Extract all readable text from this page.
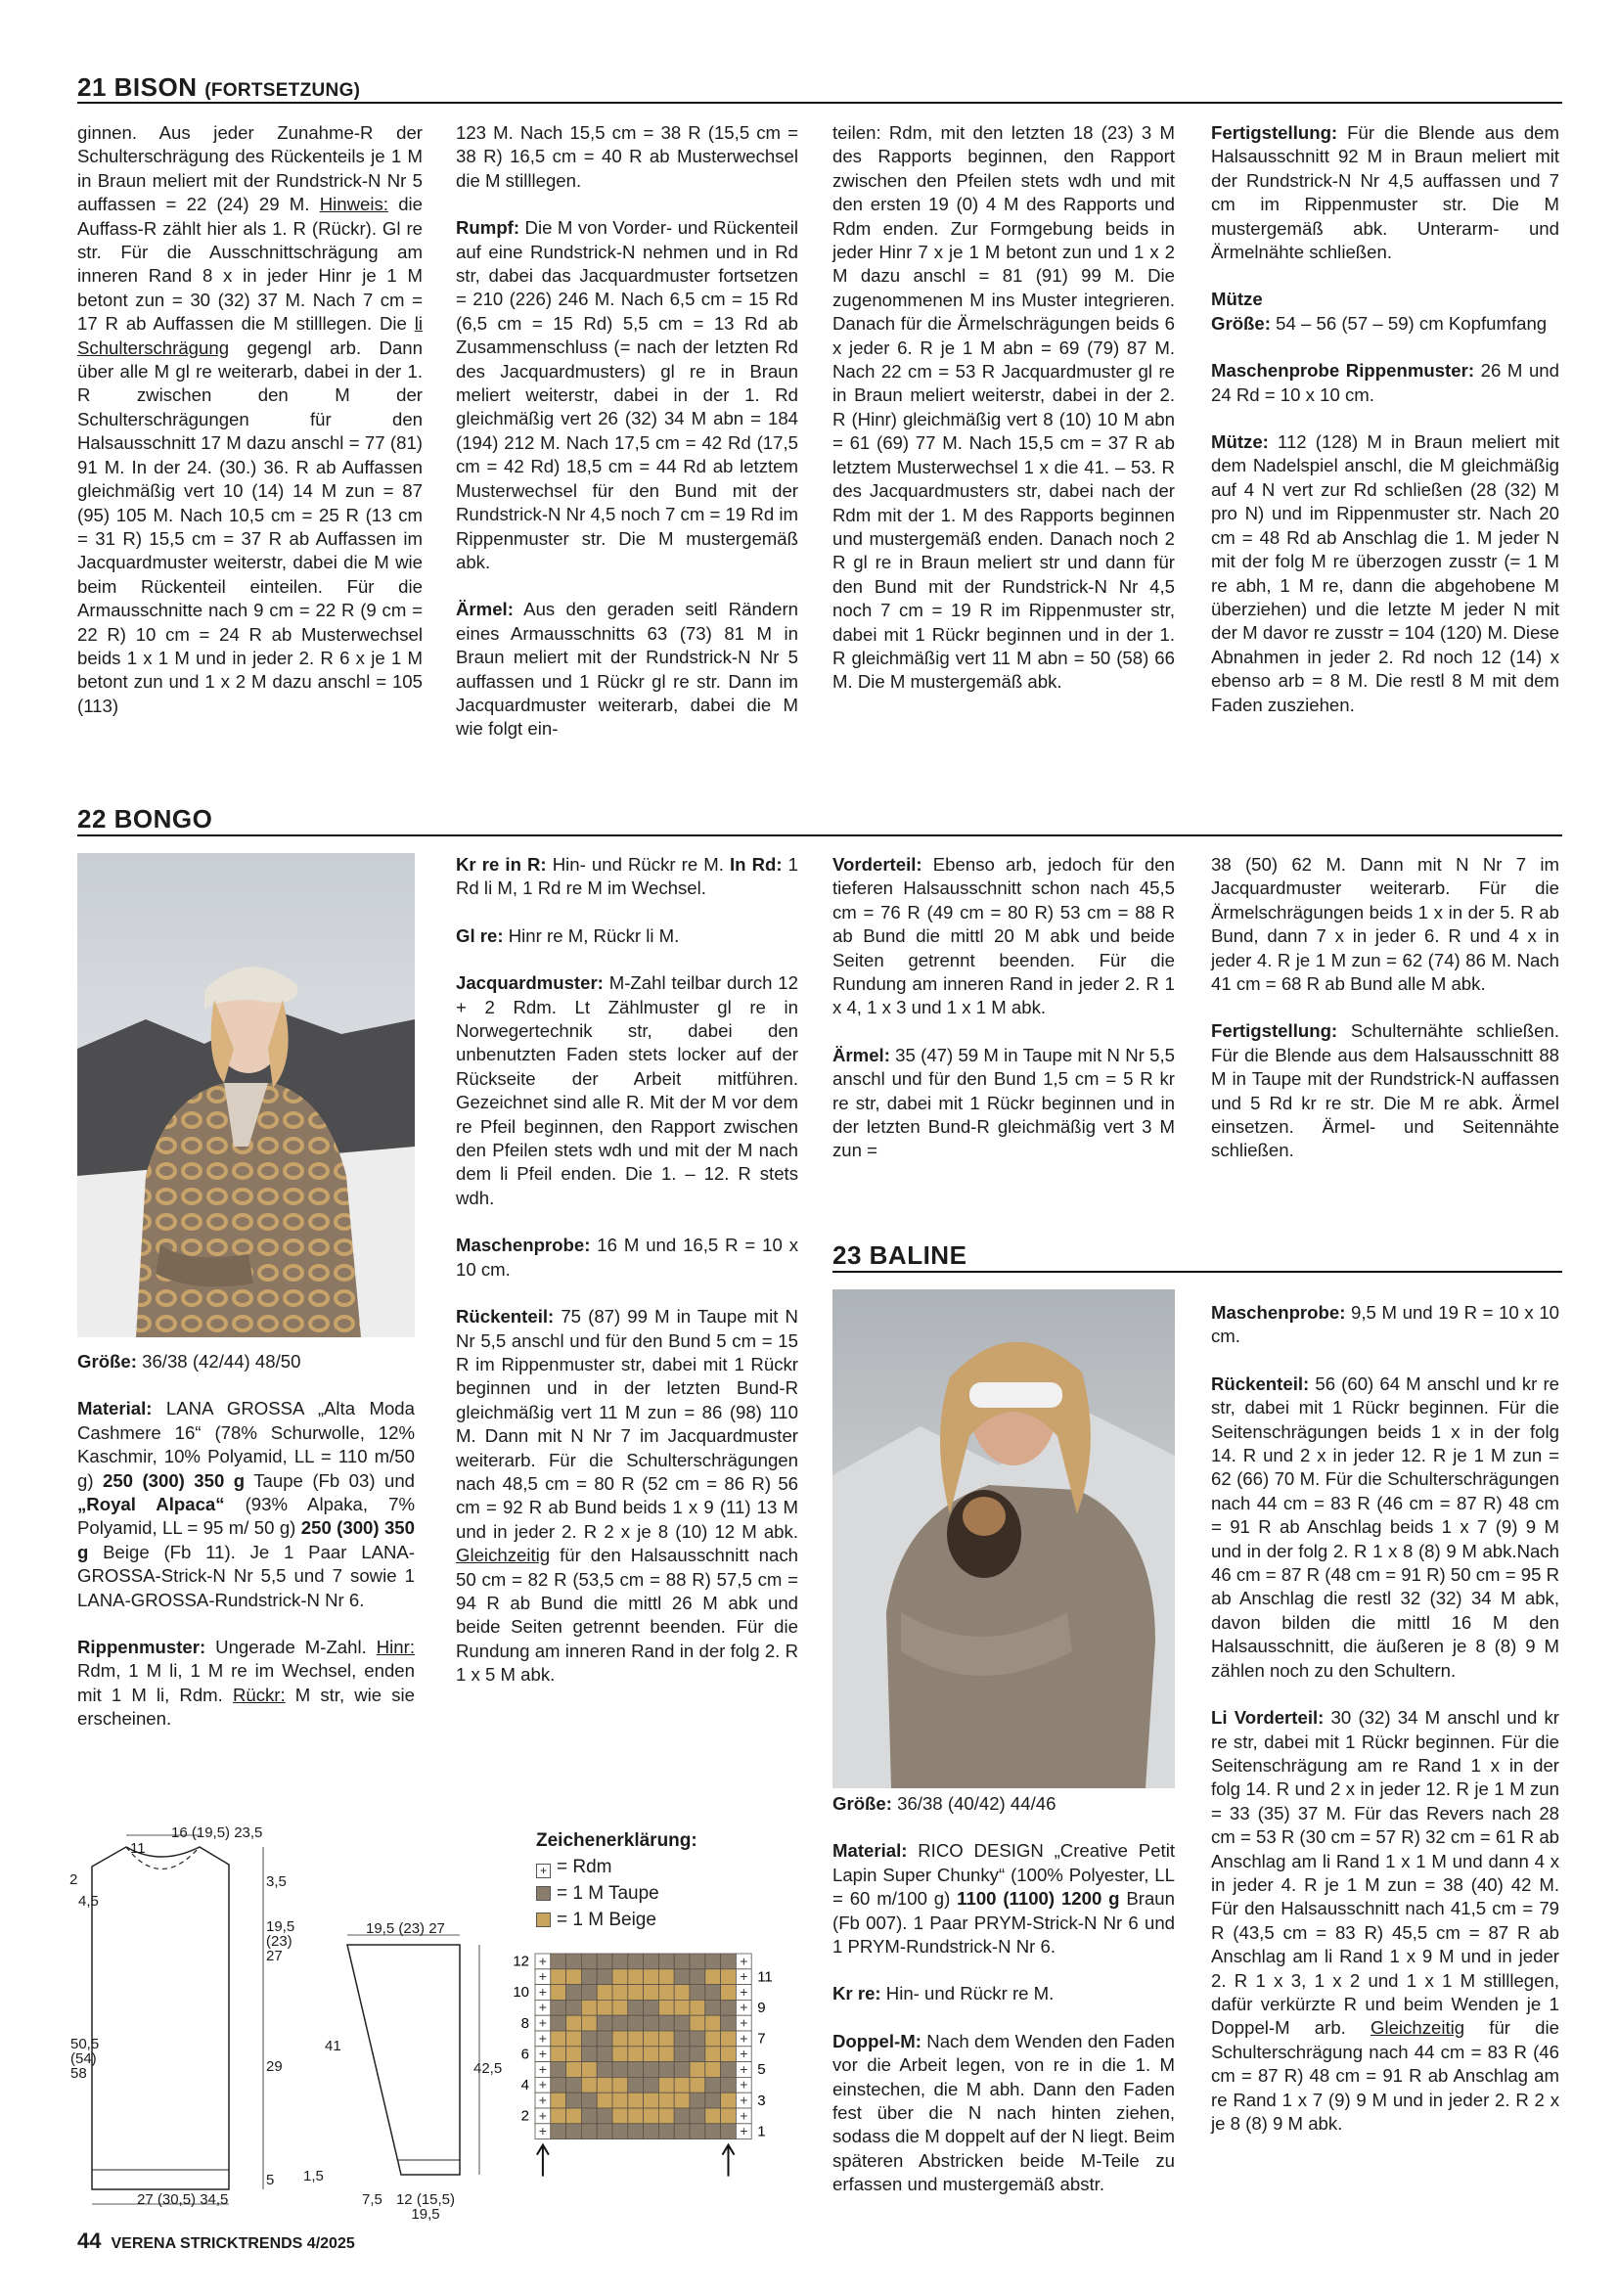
21 BISON (FORTSETZUNG)

ginnen. Aus jeder Zunahme-R der Schulterschrägung des Rückenteils je 1 M in Braun meliert mit der Rundstrick-N Nr 5 auffassen = 22 (24) 29 M. Hinweis: die Auffass-R zählt hier als 1. R (Rückr). Gl re str. Für die Ausschnittschrägung am inneren Rand 8 x in jeder Hinr je 1 M betont zun = 30 (32) 37 M. Nach 7 cm = 17 R ab Auffassen die M stilllegen. Die li Schulterschrägung gegengl arb. Dann über alle M gl re weiterarb, dabei in der 1. R zwischen den M der Schulterschrägungen für den Halsausschnitt 17 M dazu anschl = 77 (81) 91 M. In der 24. (30.) 36. R ab Auffassen gleichmäßig vert 10 (14) 14 M zun = 87 (95) 105 M. Nach 10,5 cm = 25 R (13 cm = 31 R) 15,5 cm = 37 R ab Auffassen im Jacquardmuster weiterstr, dabei die M wie beim Rückenteil einteilen. Für die Armausschnitte nach 9 cm = 22 R (9 cm = 22 R) 10 cm = 24 R ab Musterwechsel beids 1 x 1 M und in jeder 2. R 6 x je 1 M betont zun und 1 x 2 M dazu anschl = 105 (113)

123 M. Nach 15,5 cm = 38 R (15,5 cm = 38 R) 16,5 cm = 40 R ab Musterwechsel die M stilllegen.

Rumpf: Die M von Vorder- und Rückenteil auf eine Rundstrick-N nehmen und in Rd str, dabei das Jacquardmuster fortsetzen = 210 (226) 246 M. Nach 6,5 cm = 15 Rd (6,5 cm = 15 Rd) 5,5 cm = 13 Rd ab Zusammenschluss (= nach der letzten Rd des Jacquardmusters) gl re in Braun meliert weiterstr, dabei in der 1. Rd gleichmäßig vert 26 (32) 34 M abn = 184 (194) 212 M. Nach 17,5 cm = 42 Rd (17,5 cm = 42 Rd) 18,5 cm = 44 Rd ab letztem Musterwechsel für den Bund mit der Rundstrick-N Nr 4,5 noch 7 cm = 19 Rd im Rippenmuster str. Die M mustergemäß abk.

Ärmel: Aus den geraden seitl Rändern eines Armausschnitts 63 (73) 81 M in Braun meliert mit der Rundstrick-N Nr 5 auffassen und 1 Rückr gl re str. Dann im Jacquardmuster weiterarb, dabei die M wie folgt ein-

teilen: Rdm, mit den letzten 18 (23) 3 M des Rapports beginnen, den Rapport zwischen den Pfeilen stets wdh und mit den ersten 19 (0) 4 M des Rapports und Rdm enden. Zur Formgebung beids in jeder Hinr 7 x je 1 M betont zun und 1 x 2 M dazu anschl = 81 (91) 99 M. Die zugenommenen M ins Muster integrieren. Danach für die Ärmelschrägungen beids 6 x jeder 6. R je 1 M abn = 69 (79) 87 M. Nach 22 cm = 53 R Jacquardmuster gl re in Braun meliert weiterstr, dabei in der 2. R (Hinr) gleichmäßig vert 8 (10) 10 M abn = 61 (69) 77 M. Nach 15,5 cm = 37 R ab letztem Musterwechsel 1 x die 41. – 53. R des Jacquardmusters str, dabei nach der Rdm mit der 1. M des Rapports beginnen und mustergemäß enden. Danach noch 2 R gl re in Braun meliert str und dann für den Bund mit der Rundstrick-N Nr 4,5 noch 7 cm = 19 R im Rippenmuster str, dabei mit 1 Rückr beginnen und in der 1. R gleichmäßig vert 11 M abn = 50 (58) 66 M. Die M mustergemäß abk.

Fertigstellung: Für die Blende aus dem Halsausschnitt 92 M in Braun meliert mit der Rundstrick-N Nr 4,5 auffassen und 7 cm im Rippenmuster str. Die M mustergemäß abk. Unterarm- und Ärmelnähte schließen.

Mütze
Größe: 54 – 56 (57 – 59) cm Kopfumfang

Maschenprobe Rippenmuster: 26 M und 24 Rd = 10 x 10 cm.

Mütze: 112 (128) M in Braun meliert mit dem Nadelspiel anschl, die M gleichmäßig auf 4 N vert zur Rd schließen (28 (32) M pro N) und im Rippenmuster str. Nach 20 cm = 48 Rd ab Anschlag die 1. M jeder N mit der folg M re überzogen zusstr (= 1 M re abh, 1 M re, dann die abgehobene M überziehen) und die letzte M jeder N mit der M davor re zusstr = 104 (120) M. Diese Abnahmen in jeder 2. Rd noch 12 (14) x ebenso arb = 8 M. Die restl 8 M mit dem Faden zusziehen.

22 BONGO

Größe: 36/38 (42/44) 48/50

Material: LANA GROSSA „Alta Moda Cashmere 16“ (78% Schurwolle, 12% Kaschmir, 10% Polyamid, LL = 110 m/50 g) 250 (300) 350 g Taupe (Fb 03) und „Royal Alpaca“ (93% Alpaka, 7% Polyamid, LL = 95 m/ 50 g) 250 (300) 350 g Beige (Fb 11). Je 1 Paar LANA-GROSSA-Strick-N Nr 5,5 und 7 sowie 1 LANA-GROSSA-Rundstrick-N Nr 6.

Rippenmuster: Ungerade M-Zahl. Hinr: Rdm, 1 M li, 1 M re im Wechsel, enden mit 1 M li, Rdm. Rückr: M str, wie sie erscheinen.

Kr re in R: Hin- und Rückr re M. In Rd: 1 Rd li M, 1 Rd re M im Wechsel.

Gl re: Hinr re M, Rückr li M.

Jacquardmuster: M-Zahl teilbar durch 12 + 2 Rdm. Lt Zählmuster gl re in Norwegertechnik str, dabei den unbenutzten Faden stets locker auf der Rückseite der Arbeit mitführen. Gezeichnet sind alle R. Mit der M vor dem re Pfeil beginnen, den Rapport zwischen den Pfeilen stets wdh und mit der M nach dem li Pfeil enden. Die 1. – 12. R stets wdh.

Maschenprobe: 16 M und 16,5 R = 10 x 10 cm.

Rückenteil: 75 (87) 99 M in Taupe mit N Nr 5,5 anschl und für den Bund 5 cm = 15 R im Rippenmuster str, dabei mit 1 Rückr beginnen und in der letzten Bund-R gleichmäßig vert 11 M zun = 86 (98) 110 M. Dann mit N Nr 7 im Jacquardmuster weiterarb. Für die Schulterschrägungen nach 48,5 cm = 80 R (52 cm = 86 R) 56 cm = 92 R ab Bund beids 1 x 9 (11) 13 M und in jeder 2. R 2 x je 8 (10) 12 M abk. Gleichzeitig für den Halsausschnitt nach 50 cm = 82 R (53,5 cm = 88 R) 57,5 cm = 94 R ab Bund die mittl 26 M abk und beide Seiten getrennt beenden. Für die Rundung am inneren Rand in der folg 2. R 1 x 5 M abk.

Vorderteil: Ebenso arb, jedoch für den tieferen Halsausschnitt schon nach 45,5 cm = 76 R (49 cm = 80 R) 53 cm = 88 R ab Bund die mittl 20 M abk und beide Seiten getrennt beenden. Für die Rundung am inneren Rand in jeder 2. R 1 x 4, 1 x 3 und 1 x 1 M abk.

Ärmel: 35 (47) 59 M in Taupe mit N Nr 5,5 anschl und für den Bund 1,5 cm = 5 R kr re str, dabei mit 1 Rückr beginnen und in der letzten Bund-R gleichmäßig vert 3 M zun =

38 (50) 62 M. Dann mit N Nr 7 im Jacquardmuster weiterarb. Für die Ärmelschrägungen beids 1 x in der 5. R ab Bund, dann 7 x in jeder 6. R und 4 x in jeder 4. R je 1 M zun = 62 (74) 86 M. Nach 41 cm = 68 R ab Bund alle M abk.

Fertigstellung: Schulternähte schließen. Für die Blende aus dem Halsausschnitt 88 M in Taupe mit der Rundstrick-N auffassen und 5 Rd kr re str. Die M re abk. Ärmel einsetzen. Ärmel- und Seitennähte schließen.

16 (19,5) 23,5
11
2
4,5
3,5
19,5 (23) 27
50,5 (54) 58	29
5
27 (30,5) 34,5
19,5 (23) 27
41
42,5
1,5
7,5 12 (15,5) 19,5
Zeichenerklärung:
+ = Rdm
= 1 M Taupe
= 1 M Beige
+	+
+	+
+	+
+	+
+	+
+	+
+	+
+	+
+	+
+	+
+	+
+	+
12
10
8
6
4
2
11
9
7
5
3
1
23 BALINE

Größe: 36/38 (40/42) 44/46

Material: RICO DESIGN „Creative Petit Lapin Super Chunky“ (100% Polyester, LL = 60 m/100 g) 1100 (1100) 1200 g Braun (Fb 007). 1 Paar PRYM-Strick-N Nr 6 und 1 PRYM-Rundstrick-N Nr 6.

Kr re: Hin- und Rückr re M.

Doppel-M: Nach dem Wenden den Faden vor die Arbeit legen, von re in die 1. M einstechen, die M abh. Dann den Faden fest über die N nach hinten ziehen, sodass die M doppelt auf der N liegt. Beim späteren Abstricken beide M-Teile zu erfassen und mustergemäß abstr.

Maschenprobe: 9,5 M und 19 R = 10 x 10 cm.

Rückenteil: 56 (60) 64 M anschl und kr re str, dabei mit 1 Rückr beginnen. Für die Seitenschrägungen beids 1 x in der folg 14. R und 2 x in jeder 12. R je 1 M zun = 62 (66) 70 M. Für die Schulterschrägungen nach 44 cm = 83 R (46 cm = 87 R) 48 cm = 91 R ab Anschlag beids 1 x 7 (9) 9 M und in der folg 2. R 1 x 8 (8) 9 M abk.Nach 46 cm = 87 R (48 cm = 91 R) 50 cm = 95 R ab Anschlag die restl 32 (32) 34 M abk, davon bilden die mittl 16 M den Halsausschnitt, die äußeren je 8 (8) 9 M zählen noch zu den Schultern.

Li Vorderteil: 30 (32) 34 M anschl und kr re str, dabei mit 1 Rückr beginnen. Für die Seitenschrägung am re Rand 1 x in der folg 14. R und 2 x in jeder 12. R je 1 M zun = 33 (35) 37 M. Für das Revers nach 28 cm = 53 R (30 cm = 57 R) 32 cm = 61 R ab Anschlag am li Rand 1 x 1 M und dann 4 x in jeder 4. R je 1 M zun = 38 (40) 42 M. Für den Halsausschnitt nach 41,5 cm = 79 R (43,5 cm = 83 R) 45,5 cm = 87 R ab Anschlag am li Rand 1 x 9 M und in jeder 2. R 1 x 3, 1 x 2 und 1 x 1 M stilllegen, dafür verkürzte R und beim Wenden je 1 Doppel-M arb. Gleichzeitig für die Schulterschrägung nach 44 cm = 83 R (46 cm = 87 R) 48 cm = 91 R ab Anschlag am re Rand 1 x 7 (9) 9 M und in jeder 2. R 2 x je 8 (8) 9 M abk.

44 VERENA STRICKTRENDS 4/2025
